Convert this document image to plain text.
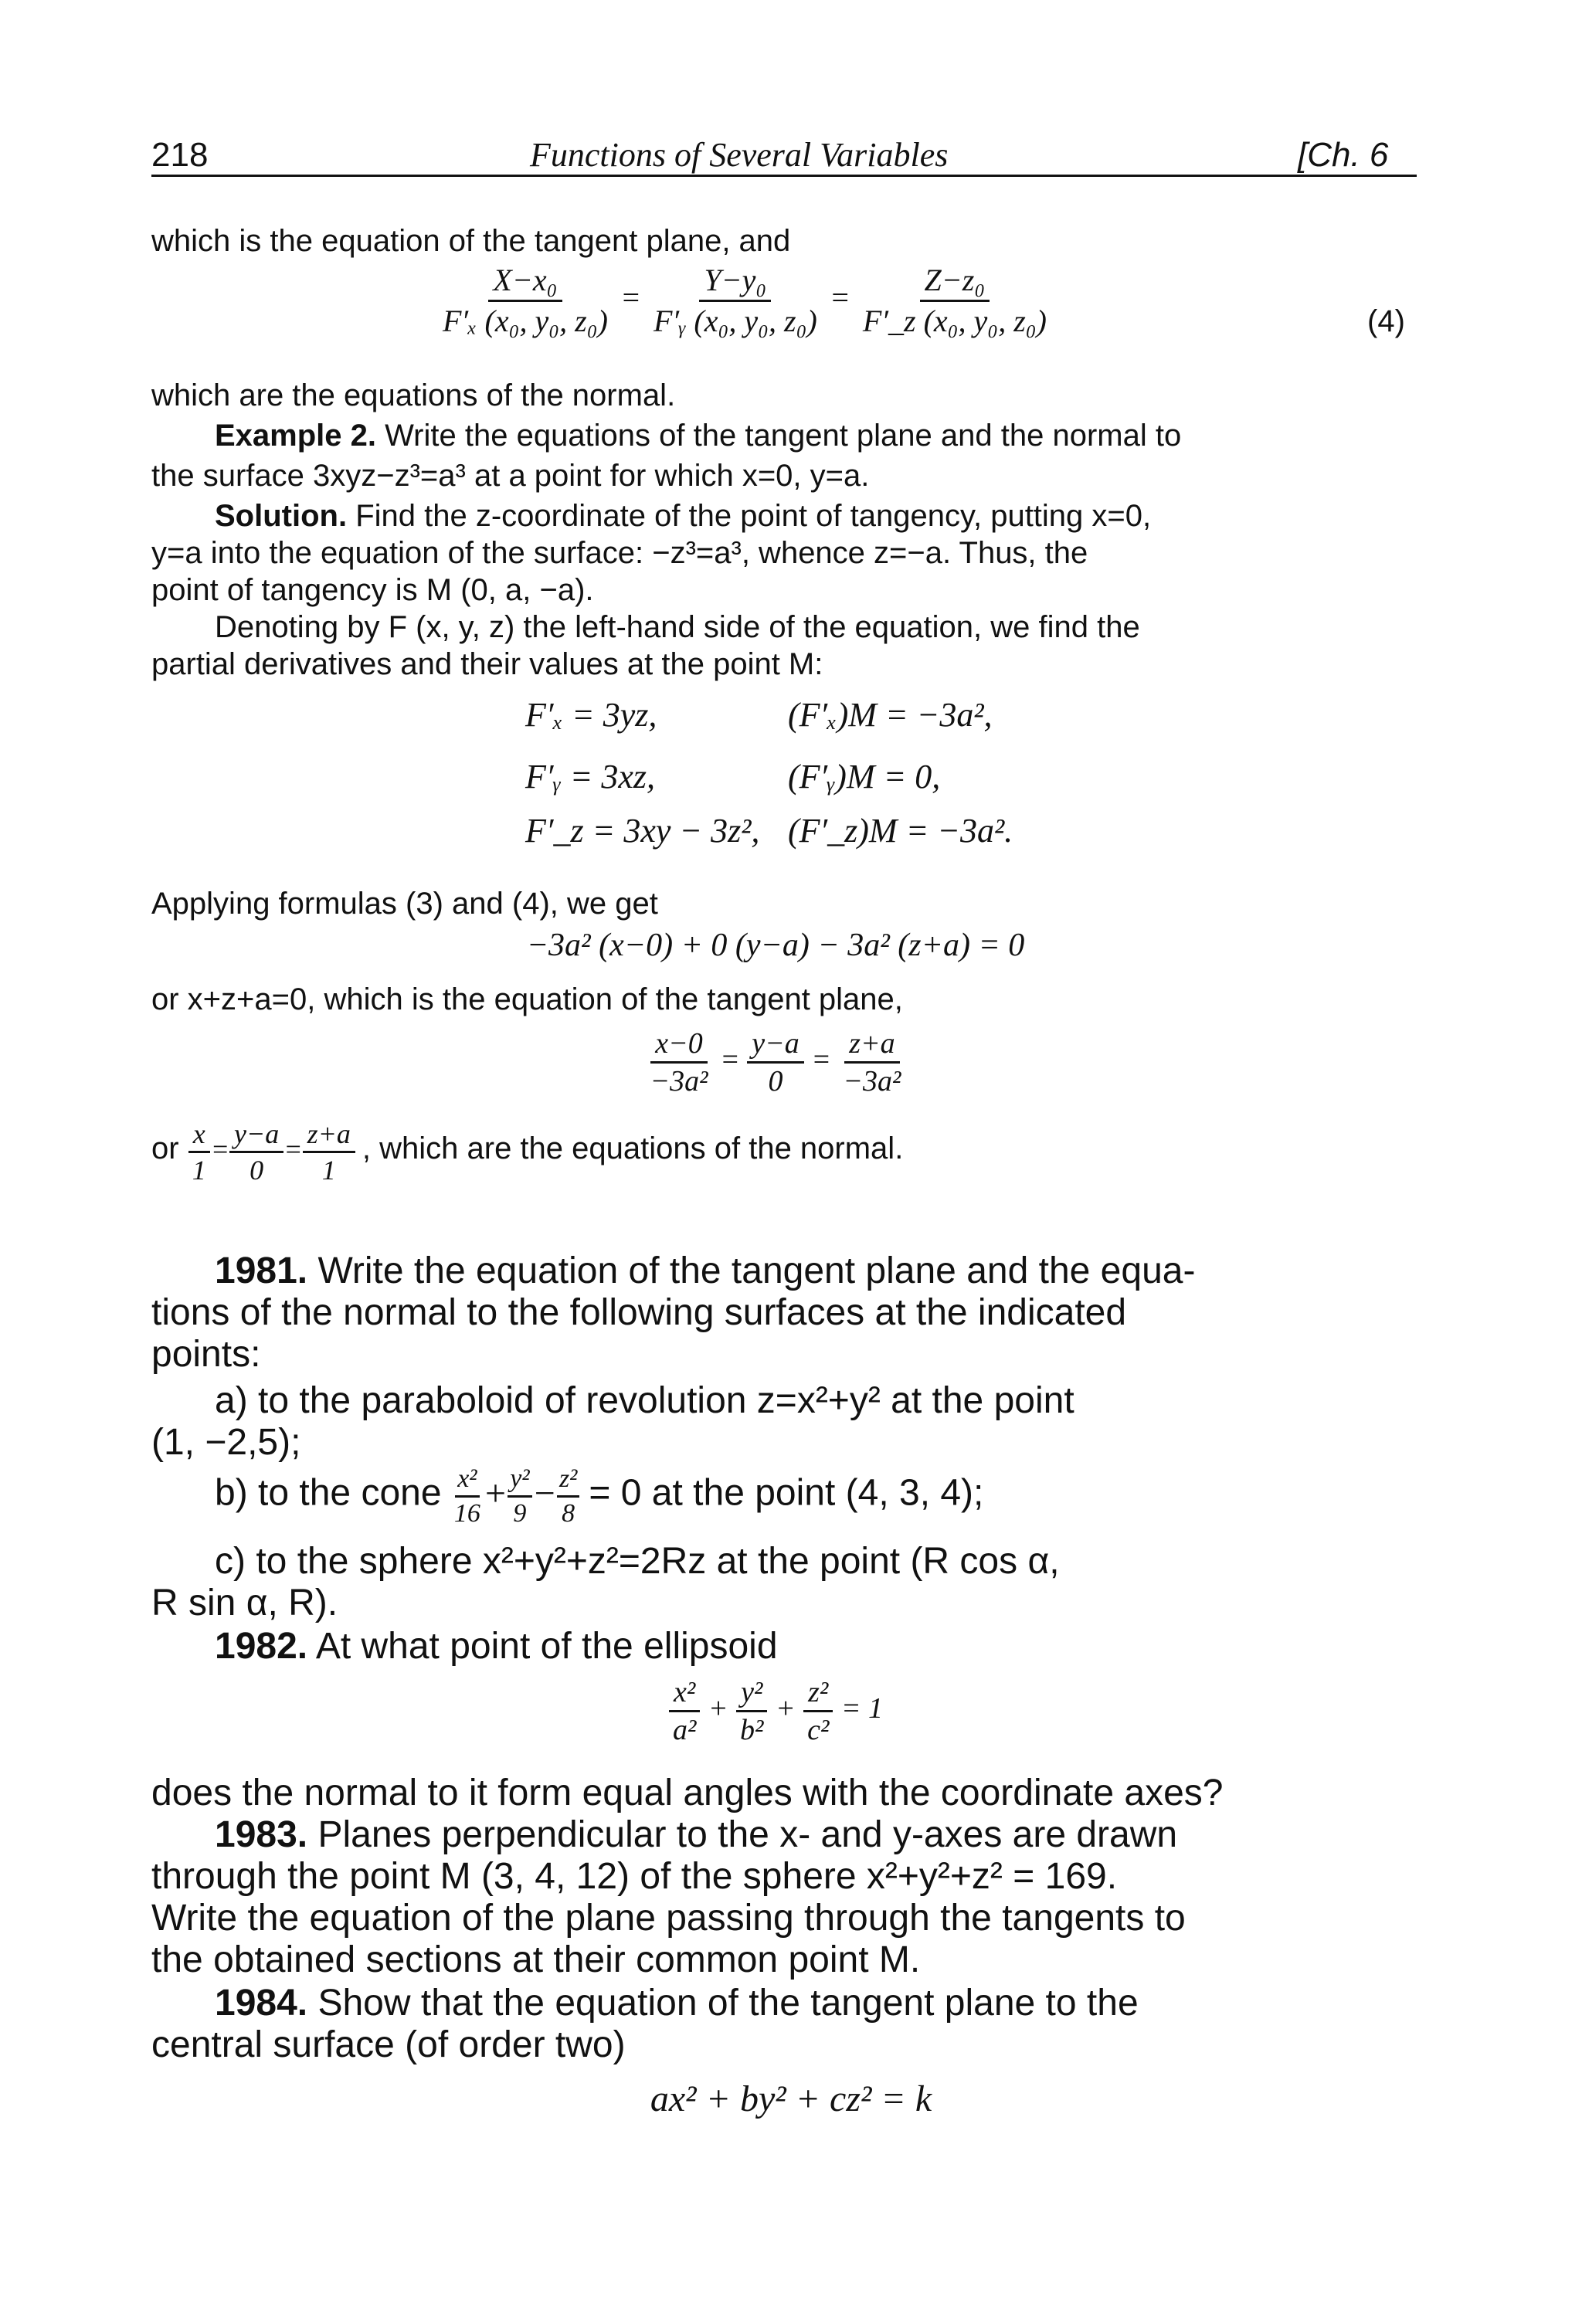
218	Functions of Several Variables	[Ch. 6
which is the equation of the tangent plane, and
$\frac{\text{X−x₀}}{\text{F′ₓ (x₀, y₀, z₀)}} = \frac{\text{Y−y₀}}{\text{F′ᵧ (x₀, y₀, z₀)}} = \frac{\text{Z−z₀}}{\text{F′\_z (x₀, y₀, z₀)}}$	(4)
which are the equations of the normal.
Example 2. Write the equations of the tangent plane and the normal to
the surface 3xyz−z³=a³ at a point for which x=0, y=a.
Solution. Find the z-coordinate of the point of tangency, putting x=0,
y=a into the equation of the surface: −z³=a³, whence z=−a. Thus, the
point of tangency is M (0, a, −a).
Denoting by F (x, y, z) the left-hand side of the equation, we find the
partial derivatives and their values at the point M:
F′ₓ = 3yz,	(F′ₓ)M = −3a²,
F′ᵧ = 3xz,	(F′ᵧ)M = 0,
F′_z = 3xy − 3z², (F′_z)M = −3a².
Applying formulas (3) and (4), we get
−3a² (x−0) + 0 (y−a) − 3a² (z+a) = 0
or x+z+a=0, which is the equation of the tangent plane,
$\frac{x-0}{\text{−3a²}} = \frac{y-a}{0} = \frac{z+a}{\text{−3a²}}$
or $\frac{x}{1} = \frac{y-a}{0} = \frac{z+a}{1}$ , which are the equations of the normal.
1981. Write the equation of the tangent plane and the equa-
tions of the normal to the following surfaces at the indicated
points:
a) to the paraboloid of revolution z=x²+y² at the point
(1, −2,5);
b) to the cone $\frac{\text{x²}}{16} + \frac{\text{y²}}{9} - \frac{\text{z²}}{8} = 0$ at the point (4, 3, 4);
c) to the sphere x²+y²+z²=2Rz at the point (R cos α,
R sin α, R).
1982. At what point of the ellipsoid
$\frac{\text{x²}}{\text{a²}} + \frac{\text{y²}}{\text{b²}} + \frac{\text{z²}}{\text{c²}} = 1$
does the normal to it form equal angles with the coordinate axes?
1983. Planes perpendicular to the x- and y-axes are drawn
through the point M (3, 4, 12) of the sphere x²+y²+z² = 169.
Write the equation of the plane passing through the tangents to
the obtained sections at their common point M.
1984. Show that the equation of the tangent plane to the
central surface (of order two)
ax² + by² + cz² = k
